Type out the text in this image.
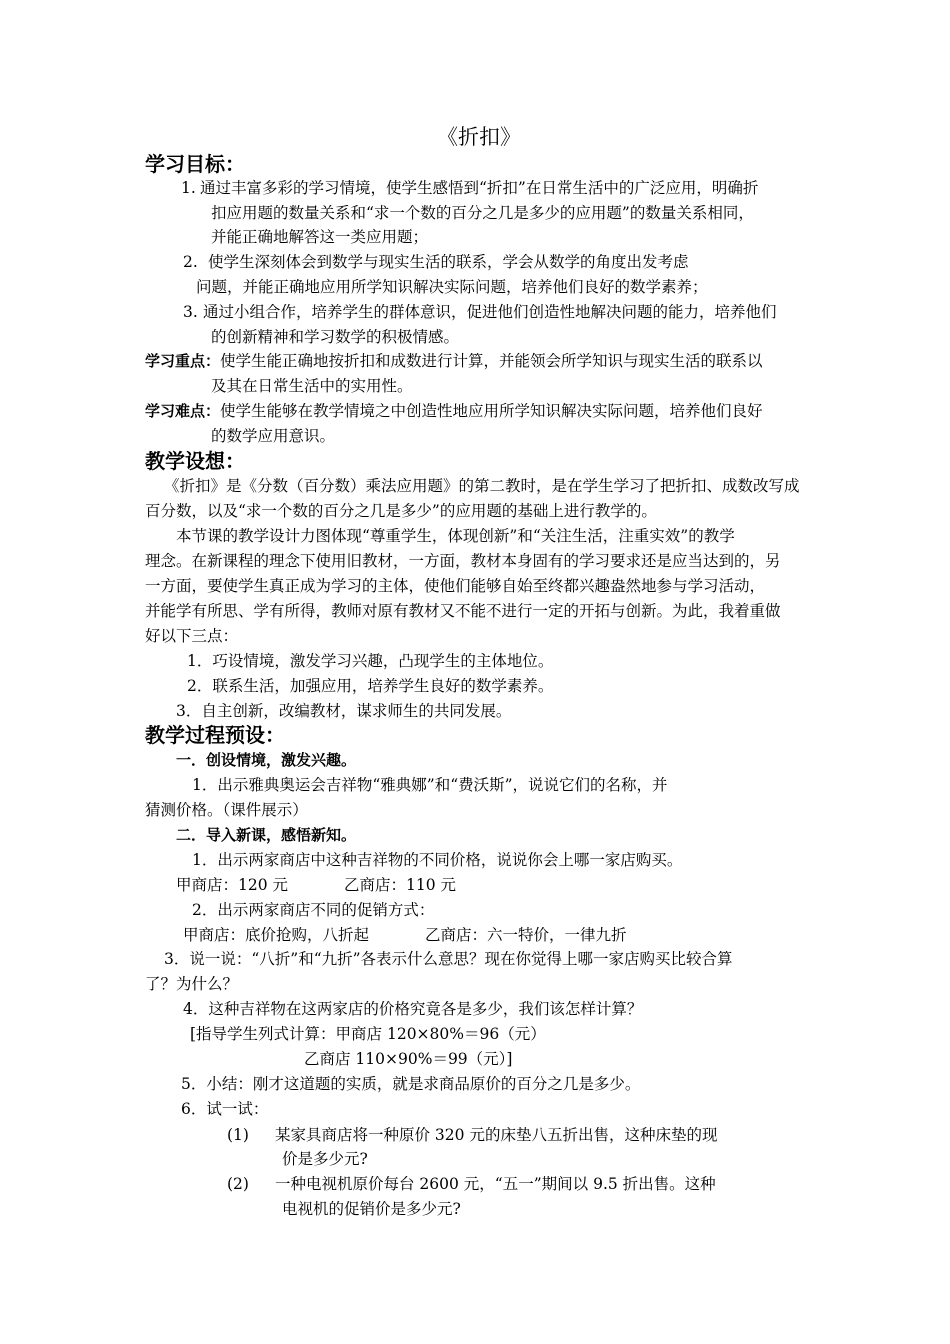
《折扣》
学习目标：
1. 通过丰富多彩的学习情境，使学生感悟到“折扣”在日常生活中的广泛应用，明确折
扣应用题的数量关系和“求一个数的百分之几是多少的应用题”的数量关系相同，
并能正确地解答这一类应用题；
2. 使学生深刻体会到数学与现实生活的联系，学会从数学的角度出发考虑
问题，并能正确地应用所学知识解决实际问题，培养他们良好的数学素养；
3. 通过小组合作，培养学生的群体意识，促进他们创造性地解决问题的能力，培养他们
的创新精神和学习数学的积极情感。
学习重点： 使学生能正确地按折扣和成数进行计算，并能领会所学知识与现实生活的联系以
及其在日常生活中的实用性。
学习难点： 使学生能够在教学情境之中创造性地应用所学知识解决实际问题，培养他们良好
的数学应用意识。
教学设想：
《折扣》是《分数（百分数）乘法应用题》的第二教时，是在学生学习了把折扣、成数改写成
百分数，以及“求一个数的百分之几是多少”的应用题的基础上进行教学的。
本节课的教学设计力图体现“尊重学生，体现创新”和“关注生活，注重实效”的教学
理念。在新课程的理念下使用旧教材，一方面，教材本身固有的学习要求还是应当达到的，另
一方面，要使学生真正成为学习的主体，使他们能够自始至终都兴趣盎然地参与学习活动，
并能学有所思、学有所得，教师对原有教材又不能不进行一定的开拓与创新。为此，我着重做
好以下三点：
1．巧设情境，激发学习兴趣，凸现学生的主体地位。
2．联系生活，加强应用，培养学生良好的数学素养。
3．自主创新，改编教材，谋求师生的共同发展。
教学过程预设：
一．创设情境，激发兴趣。
1．出示雅典奥运会吉祥物“雅典娜”和“费沃斯”，说说它们的名称，并
猜测价格。（课件展示）
二．导入新课，感悟新知。
1．出示两家商店中这种吉祥物的不同价格，说说你会上哪一家店购买。
甲商店：120 元	乙商店：110 元
2．出示两家商店不同的促销方式：
甲商店：底价抢购，八折起	乙商店：六一特价，一律九折
3．说一说：“八折”和“九折”各表示什么意思？现在你觉得上哪一家店购买比较合算
了？为什么？
4．这种吉祥物在这两家店的价格究竟各是多少，我们该怎样计算？
[指导学生列式计算：甲商店 120×80%＝96（元）
乙商店 110×90%＝99（元）]
5．小结：刚才这道题的实质，就是求商品原价的百分之几是多少。
6．试一试：
(1) 某家具商店将一种原价 320 元的床垫八五折出售，这种床垫的现
价是多少元?
(2) 一种电视机原价每台 2600 元，“五一”期间以 9.5 折出售。这种
电视机的促销价是多少元?
